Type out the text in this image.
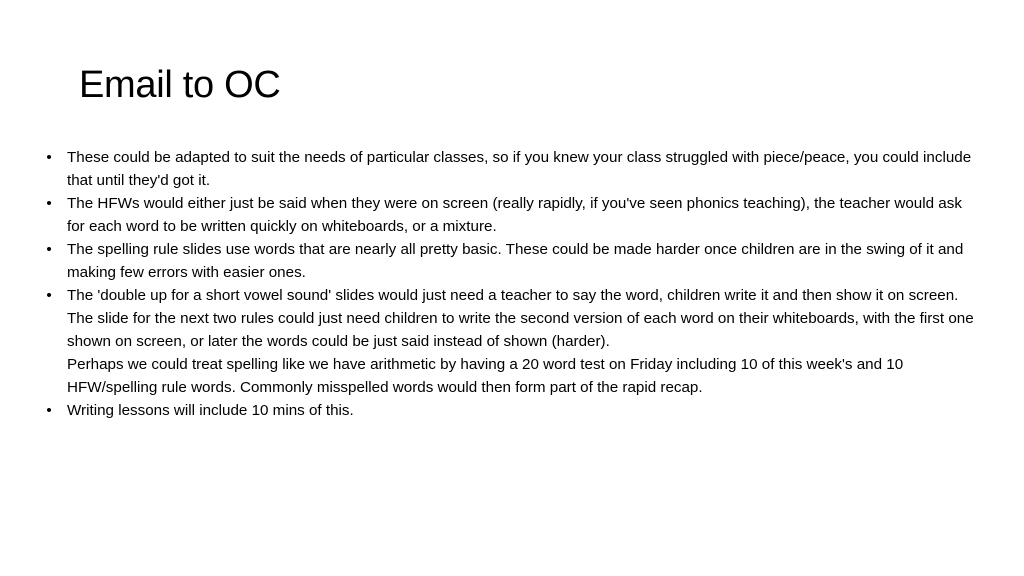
Email to OC
• These could be adapted to suit the needs of particular classes, so if you knew your class struggled with piece/peace, you could include that until they'd got it.
• The HFWs would either just be said when they were on screen (really rapidly, if you've seen phonics teaching), the teacher would ask for each word to be written quickly on whiteboards, or a mixture.
• The spelling rule slides use words that are nearly all pretty basic. These could be made harder once children are in the swing of it and making few errors with easier ones.
• The 'double up for a short vowel sound' slides would just need a teacher to say the word, children write it and then show it on screen. The slide for the next two rules could just need children to write the second version of each word on their whiteboards, with the first one shown on screen, or later the words could be just said instead of shown (harder).
Perhaps we could treat spelling like we have arithmetic by having a 20 word test on Friday including 10 of this week's and 10 HFW/spelling rule words. Commonly misspelled words would then form part of the rapid recap.
• Writing lessons will include 10 mins of this.
